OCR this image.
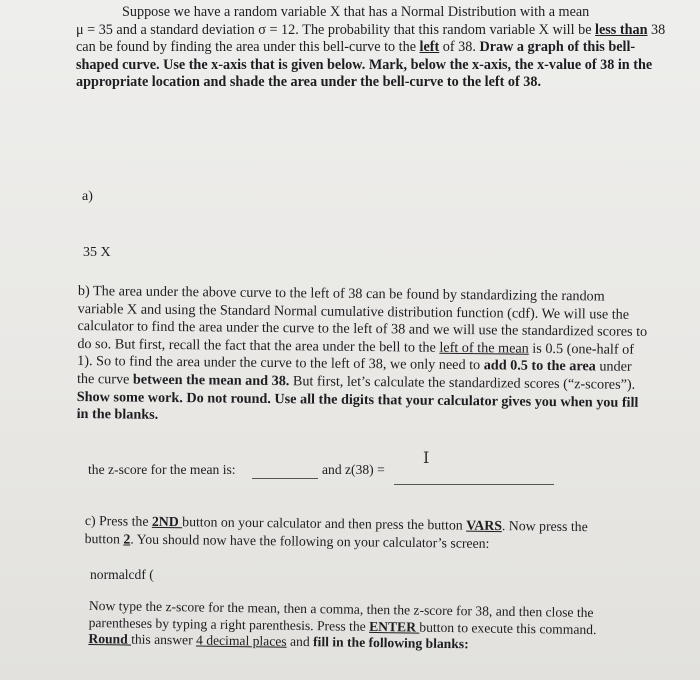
Suppose we have a random variable X that has a Normal Distribution with a mean
μ = 35 and a standard deviation σ = 12. The probability that this random variable X will be less than 38 can be found by finding the area under this bell-curve to the left of 38. Draw a graph of this bell-shaped curve. Use the x-axis that is given below. Mark, below the x-axis, the x-value of 38 in the appropriate location and shade the area under the bell-curve to the left of 38.
a)
35 X
b) The area under the above curve to the left of 38 can be found by standardizing the random variable X and using the Standard Normal cumulative distribution function (cdf). We will use the calculator to find the area under the curve to the left of 38 and we will use the standardized scores to do so. But first, recall the fact that the area under the bell to the left of the mean is 0.5 (one-half of 1). So to find the area under the curve to the left of 38, we only need to add 0.5 to the area under the curve between the mean and 38. But first, let’s calculate the standardized scores (“z-scores”). Show some work. Do not round. Use all the digits that your calculator gives you when you fill in the blanks.
I
the z-score for the mean is:	and z(38) =
c) Press the 2ND button on your calculator and then press the button VARS. Now press the button 2. You should now have the following on your calculator’s screen:
normalcdf (
Now type the z-score for the mean, then a comma, then the z-score for 38, and then close the parentheses by typing a right parenthesis. Press the ENTER button to execute this command. Round this answer 4 decimal places and fill in the following blanks:
